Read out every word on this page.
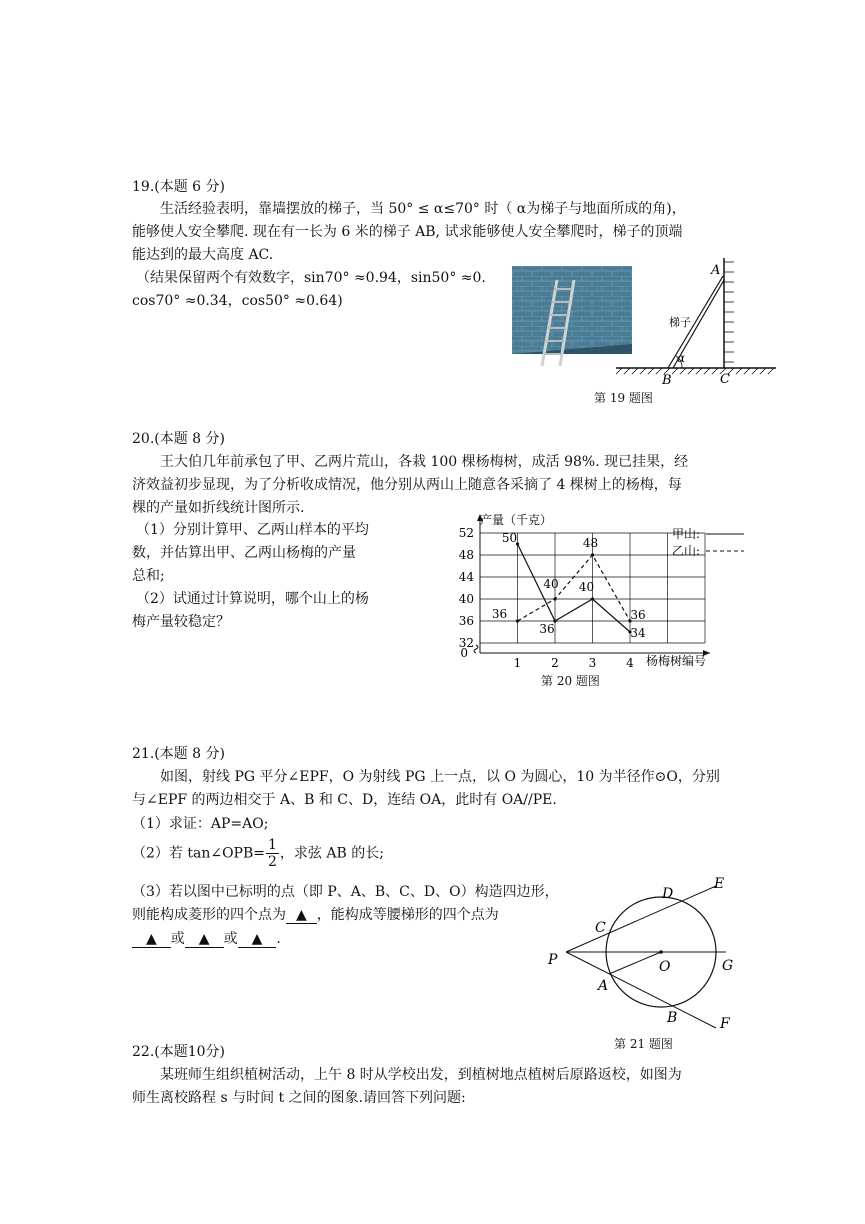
19.(本题 6 分)
生活经验表明，靠墙摆放的梯子，当 50° ≤ α≤70° 时（ α为梯子与地面所成的角)，
能够使人安全攀爬. 现在有一长为 6 米的梯子 AB, 试求能够使人安全攀爬时，梯子的顶端
能达到的最大高度 AC.
（结果保留两个有效数字，sin70° ≈0.94，sin50° ≈0.
cos70° ≈0.34，cos50° ≈0.64)
A
B	C
梯子
α
第 19 题图
20.(本题 8 分)
王大伯几年前承包了甲、乙两片荒山，各栽 100 棵杨梅树，成活 98%. 现已挂果，经
济效益初步显现，为了分析收成情况，他分别从两山上随意各采摘了 4 棵树上的杨梅，每
棵的产量如折线统计图所示.
（1）分别计算甲、乙两山样本的平均
数，并估算出甲、乙两山杨梅的产量
总和;
（2）试通过计算说明，哪个山上的杨
梅产量较稳定？
32
36
40
44
48
52
0
1 2 3 4
50
36
40
34
36
40
48
36
产量（千克）
杨梅树编号
甲山:
乙山:
第 20 题图
21.(本题 8 分)
如图，射线 PG 平分∠EPF，O 为射线 PG 上一点，以 O 为圆心，10 为半径作⊙O，分别
与∠EPF 的两边相交于 A、B 和 C、D，连结 OA，此时有 OA//PE.
（1）求证：AP=AO;
（2）若 tan∠OPB= $\frac{1}{2}$ ，求弦 AB 的长;
（3）若以图中已标明的点（即 P、A、B、C、D、O）构造四边形，
则能构成菱形的四个点为 ▲ ，能构成等腰梯形的四个点为
▲ 或 ▲ 或 ▲ .
P
A
B
C
D
E
F
G
O
第 21 题图
22.(本题10分)
某班师生组织植树活动，上午 8 时从学校出发，到植树地点植树后原路返校，如图为
师生离校路程 s 与时间 t 之间的图象.请回答下列问题:
